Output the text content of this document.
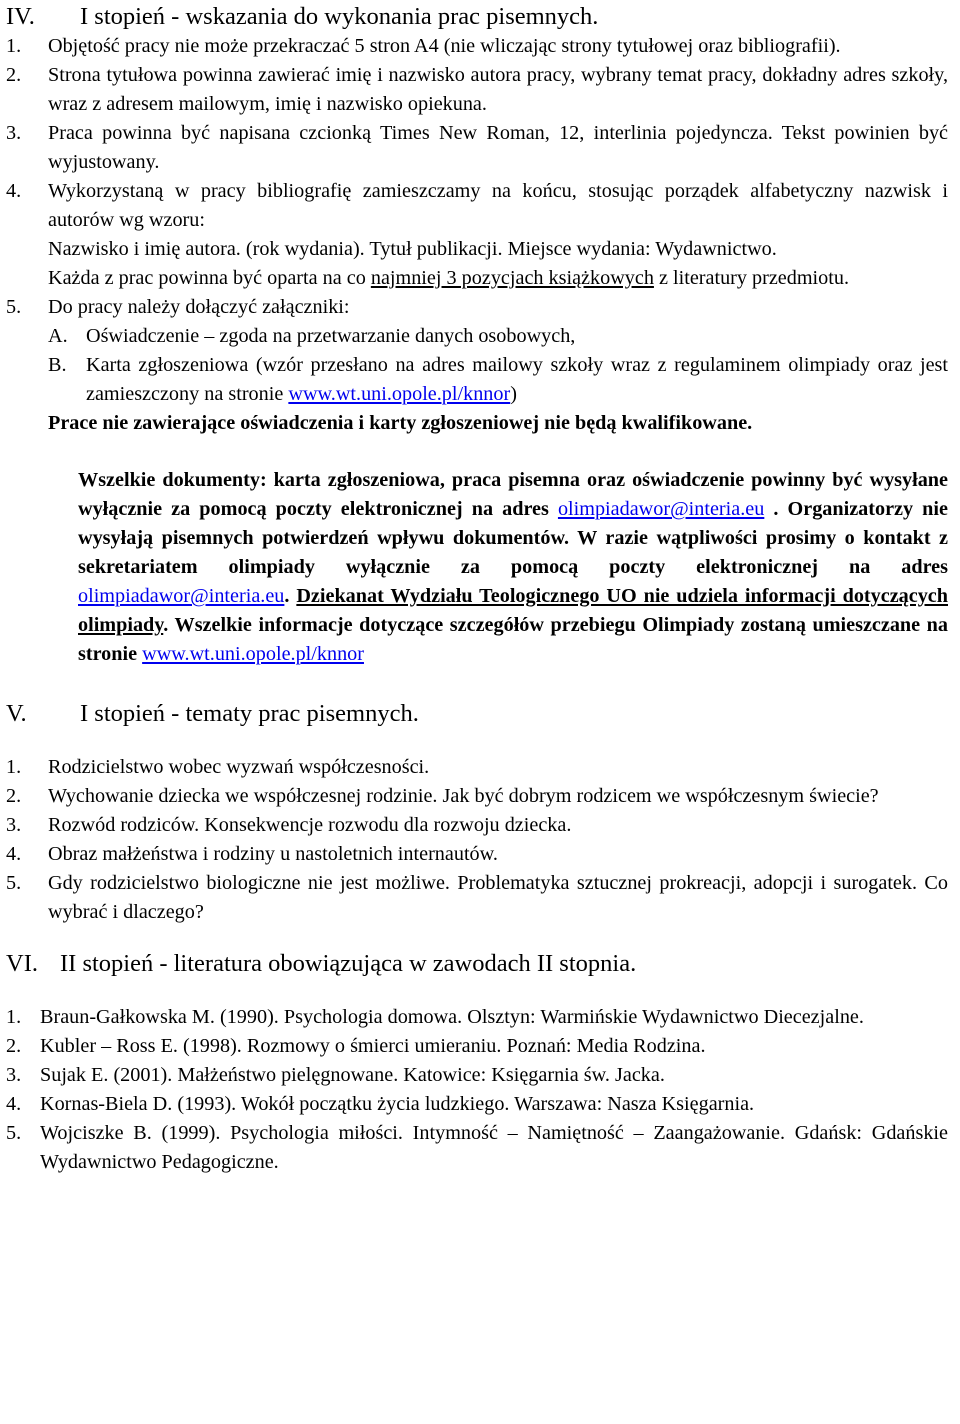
IV.	I stopień - wskazania do wykonania prac pisemnych.
1.	Objętość pracy nie może przekraczać 5 stron A4 (nie wliczając strony tytułowej oraz bibliografii).
2.	Strona tytułowa powinna zawierać imię i nazwisko autora pracy, wybrany temat pracy, dokładny adres szkoły, wraz z adresem mailowym, imię i nazwisko opiekuna.
3.	Praca powinna być napisana czcionką Times New Roman, 12, interlinia pojedyncza. Tekst powinien być wyjustowany.
4.	Wykorzystaną w pracy bibliografię zamieszczamy na końcu, stosując porządek alfabetyczny nazwisk i autorów wg wzoru:

Nazwisko i imię autora. (rok wydania). Tytuł publikacji. Miejsce wydania: Wydawnictwo.

Każda z prac powinna być oparta na co najmniej 3 pozycjach książkowych z literatury przedmiotu.

5.	Do pracy należy dołączyć załączniki:

A. Oświadczenie – zgoda na przetwarzanie danych osobowych,
B. Karta zgłoszeniowa (wzór przesłano na adres mailowy szkoły wraz z regulaminem olimpiady oraz jest zamieszczony na stronie www.wt.uni.opole.pl/knnor)

Prace nie zawierające oświadczenia i karty zgłoszeniowej nie będą kwalifikowane.

Wszelkie dokumenty: karta zgłoszeniowa, praca pisemna oraz oświadczenie powinny być wysyłane wyłącznie za pomocą poczty elektronicznej na adres olimpiadawor@interia.eu . Organizatorzy nie wysyłają pisemnych potwierdzeń wpływu dokumentów. W razie wątpliwości prosimy o kontakt z sekretariatem olimpiady wyłącznie za pomocą poczty elektronicznej na adres olimpiadawor@interia.eu. Dziekanat Wydziału Teologicznego UO nie udziela informacji dotyczących olimpiady. Wszelkie informacje dotyczące szczegółów przebiegu Olimpiady zostaną umieszczane na stronie www.wt.uni.opole.pl/knnor

V.	I stopień - tematy prac pisemnych.
1.	Rodzicielstwo wobec wyzwań współczesności.
2.	Wychowanie dziecka we współczesnej rodzinie. Jak być dobrym rodzicem we współczesnym świecie?
3.	Rozwód rodziców. Konsekwencje rozwodu dla rozwoju dziecka.
4.	Obraz małżeństwa i rodziny u nastoletnich internautów.
5.	Gdy rodzicielstwo biologiczne nie jest możliwe. Problematyka sztucznej prokreacji, adopcji i surogatek. Co wybrać i dlaczego?
VI. II stopień - literatura obowiązująca w zawodach II stopnia.
1. Braun-Gałkowska M. (1990). Psychologia domowa. Olsztyn: Warmińskie Wydawnictwo Diecezjalne.
2. Kubler – Ross E. (1998). Rozmowy o śmierci umieraniu. Poznań: Media Rodzina.
3. Sujak E. (2001). Małżeństwo pielęgnowane. Katowice: Księgarnia św. Jacka.
4. Kornas-Biela D. (1993). Wokół początku życia ludzkiego. Warszawa: Nasza Księgarnia.
5. Wojciszke B. (1999). Psychologia miłości. Intymność – Namiętność – Zaangażowanie. Gdańsk: Gdańskie Wydawnictwo Pedagogiczne.
